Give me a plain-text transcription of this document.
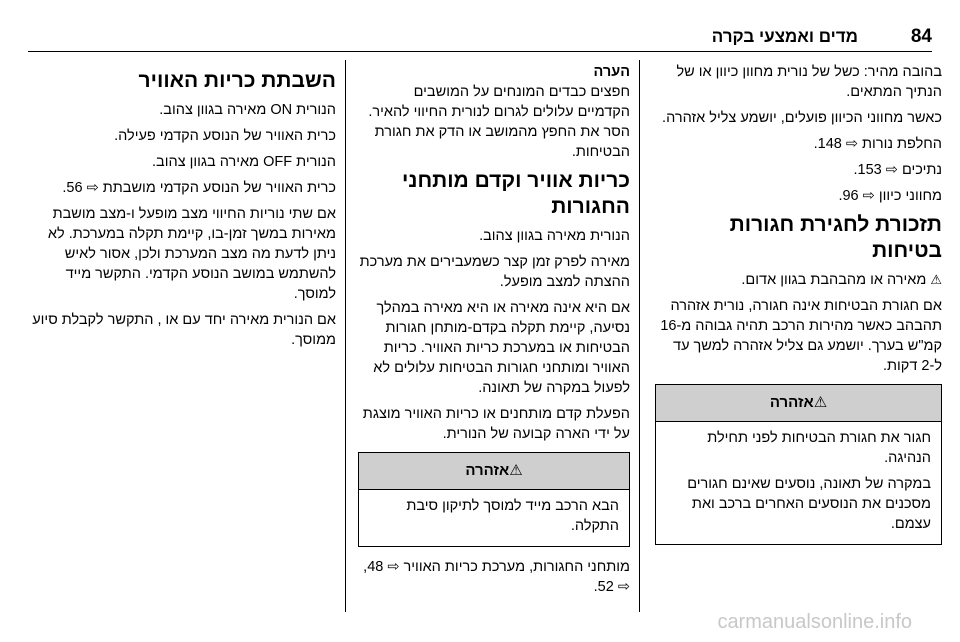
84
מדים ואמצעי בקרה

בהובה מהיר: כשל של נורית מחוון כיוון או של הנתיך המתאים.

כאשר מחווני הכיוון פועלים, יושמע צליל אזהרה.

החלפת נורות ⇨ 148.

נתיכים ⇨ 153.

מחווני כיוון ⇨ 96.

תזכורת לחגירת חגורות בטיחות

⚠ מאירה או מהבהבת בגוון אדום.

אם חגורת הבטיחות אינה חגורה, נורית אזהרה תהבהב כאשר מהירות הרכב תהיה גבוהה מ-16 קמ"ש בערך. יושמע גם צליל אזהרה למשך עד ל-2 דקות.

⚠אזהרה

חגור את חגורת הבטיחות לפני תחילת הנהיגה.

במקרה של תאונה, נוסעים שאינם חגורים מסכנים את הנוסעים האחרים ברכב ואת עצמם.

הערה

חפצים כבדים המונחים על המושבים הקדמיים עלולים לגרום לנורית החיווי להאיר. הסר את החפץ מהמושב או הדק את חגורת הבטיחות.

כריות אוויר וקדם מותחני החגורות

הנורית מאירה בגוון צהוב.

מאירה לפרק זמן קצר כשמעבירים את מערכת ההצתה למצב מופעל.

אם היא אינה מאירה או היא מאירה במהלך נסיעה, קיימת תקלה בקדם-מותחן חגורות הבטיחות או במערכת כריות האוויר. כריות האוויר ומותחני חגורות הבטיחות עלולים לא לפעול במקרה של תאונה.

הפעלת קדם מותחנים או כריות האוויר מוצגת על ידי הארה קבועה של הנורית.

⚠אזהרה

הבא הרכב מייד למוסך לתיקון סיבת התקלה.

מותחני החגורות, מערכת כריות האוויר ⇨ 48, ⇨ 52.

השבתת כריות האוויר

הנורית ON מאירה בגוון צהוב.

כרית האוויר של הנוסע הקדמי פעילה.

הנורית OFF מאירה בגוון צהוב.

כרית האוויר של הנוסע הקדמי מושבתת ⇨ 56.

אם שתי נוריות החיווי מצב מופעל ו-מצב מושבת מאירות במשך זמן-בו, קיימת תקלה במערכת. לא ניתן לדעת מה מצב המערכת ולכן, אסור לאיש להשתמש במושב הנוסע הקדמי. התקשר מייד למוסך.

אם הנורית מאירה יחד עם או , התקשר לקבלת סיוע ממוסך.

carmanualsonline.info
